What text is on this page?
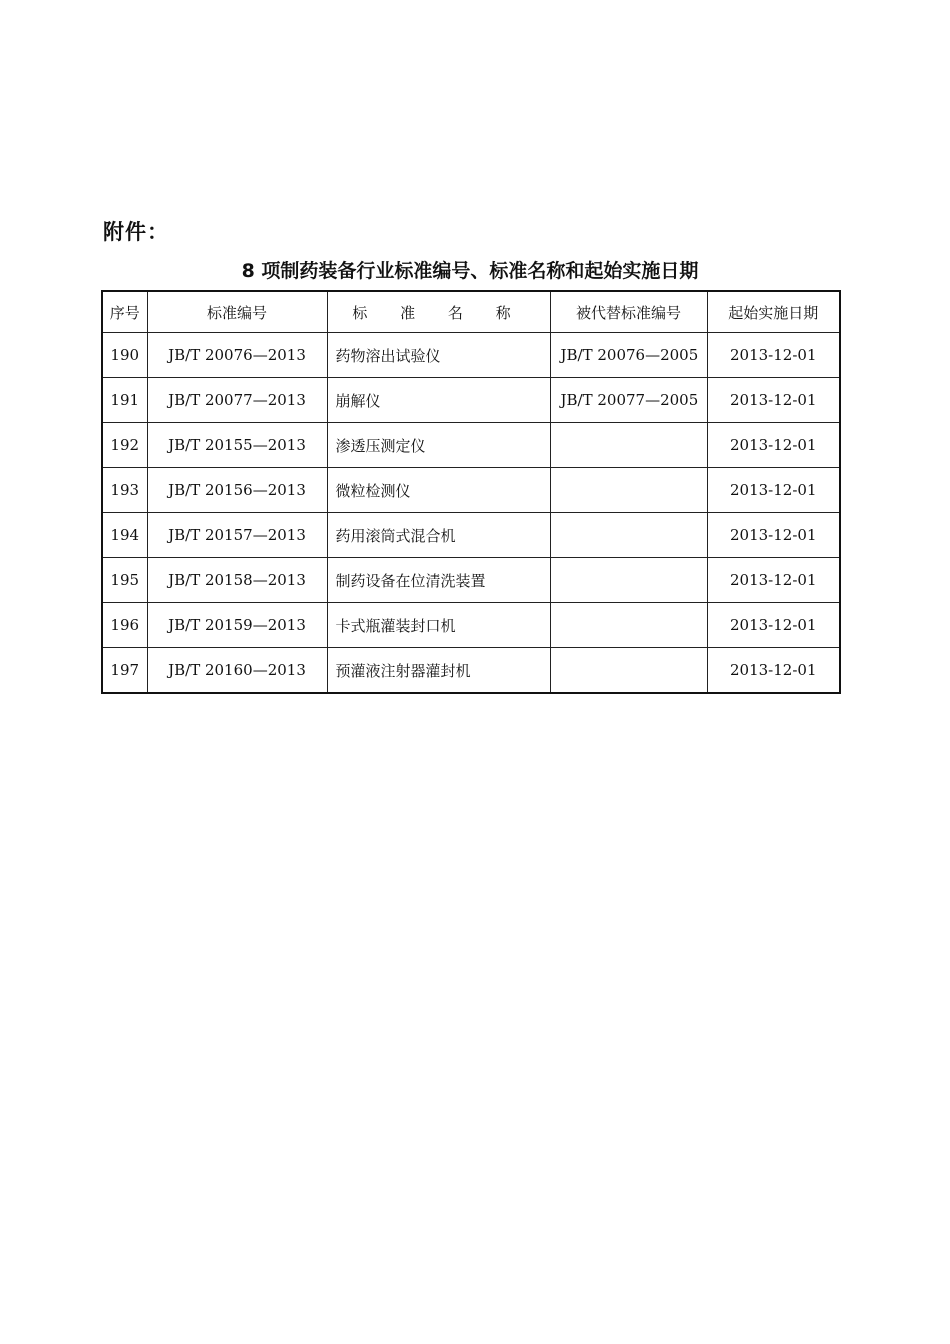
附件：
8 项制药装备行业标准编号、标准名称和起始实施日期
序号	标准编号	标 准 名 称	被代替标准编号	起始实施日期
190	JB/T 20076—2013	药物溶出试验仪	JB/T 20076—2005	2013-12-01
191	JB/T 20077—2013	崩解仪	JB/T 20077—2005	2013-12-01
192	JB/T 20155—2013	渗透压测定仪		2013-12-01
193	JB/T 20156—2013	微粒检测仪		2013-12-01
194	JB/T 20157—2013	药用滚筒式混合机		2013-12-01
195	JB/T 20158—2013	制药设备在位清洗装置		2013-12-01
196	JB/T 20159—2013	卡式瓶灌装封口机		2013-12-01
197	JB/T 20160—2013	预灌液注射器灌封机		2013-12-01
